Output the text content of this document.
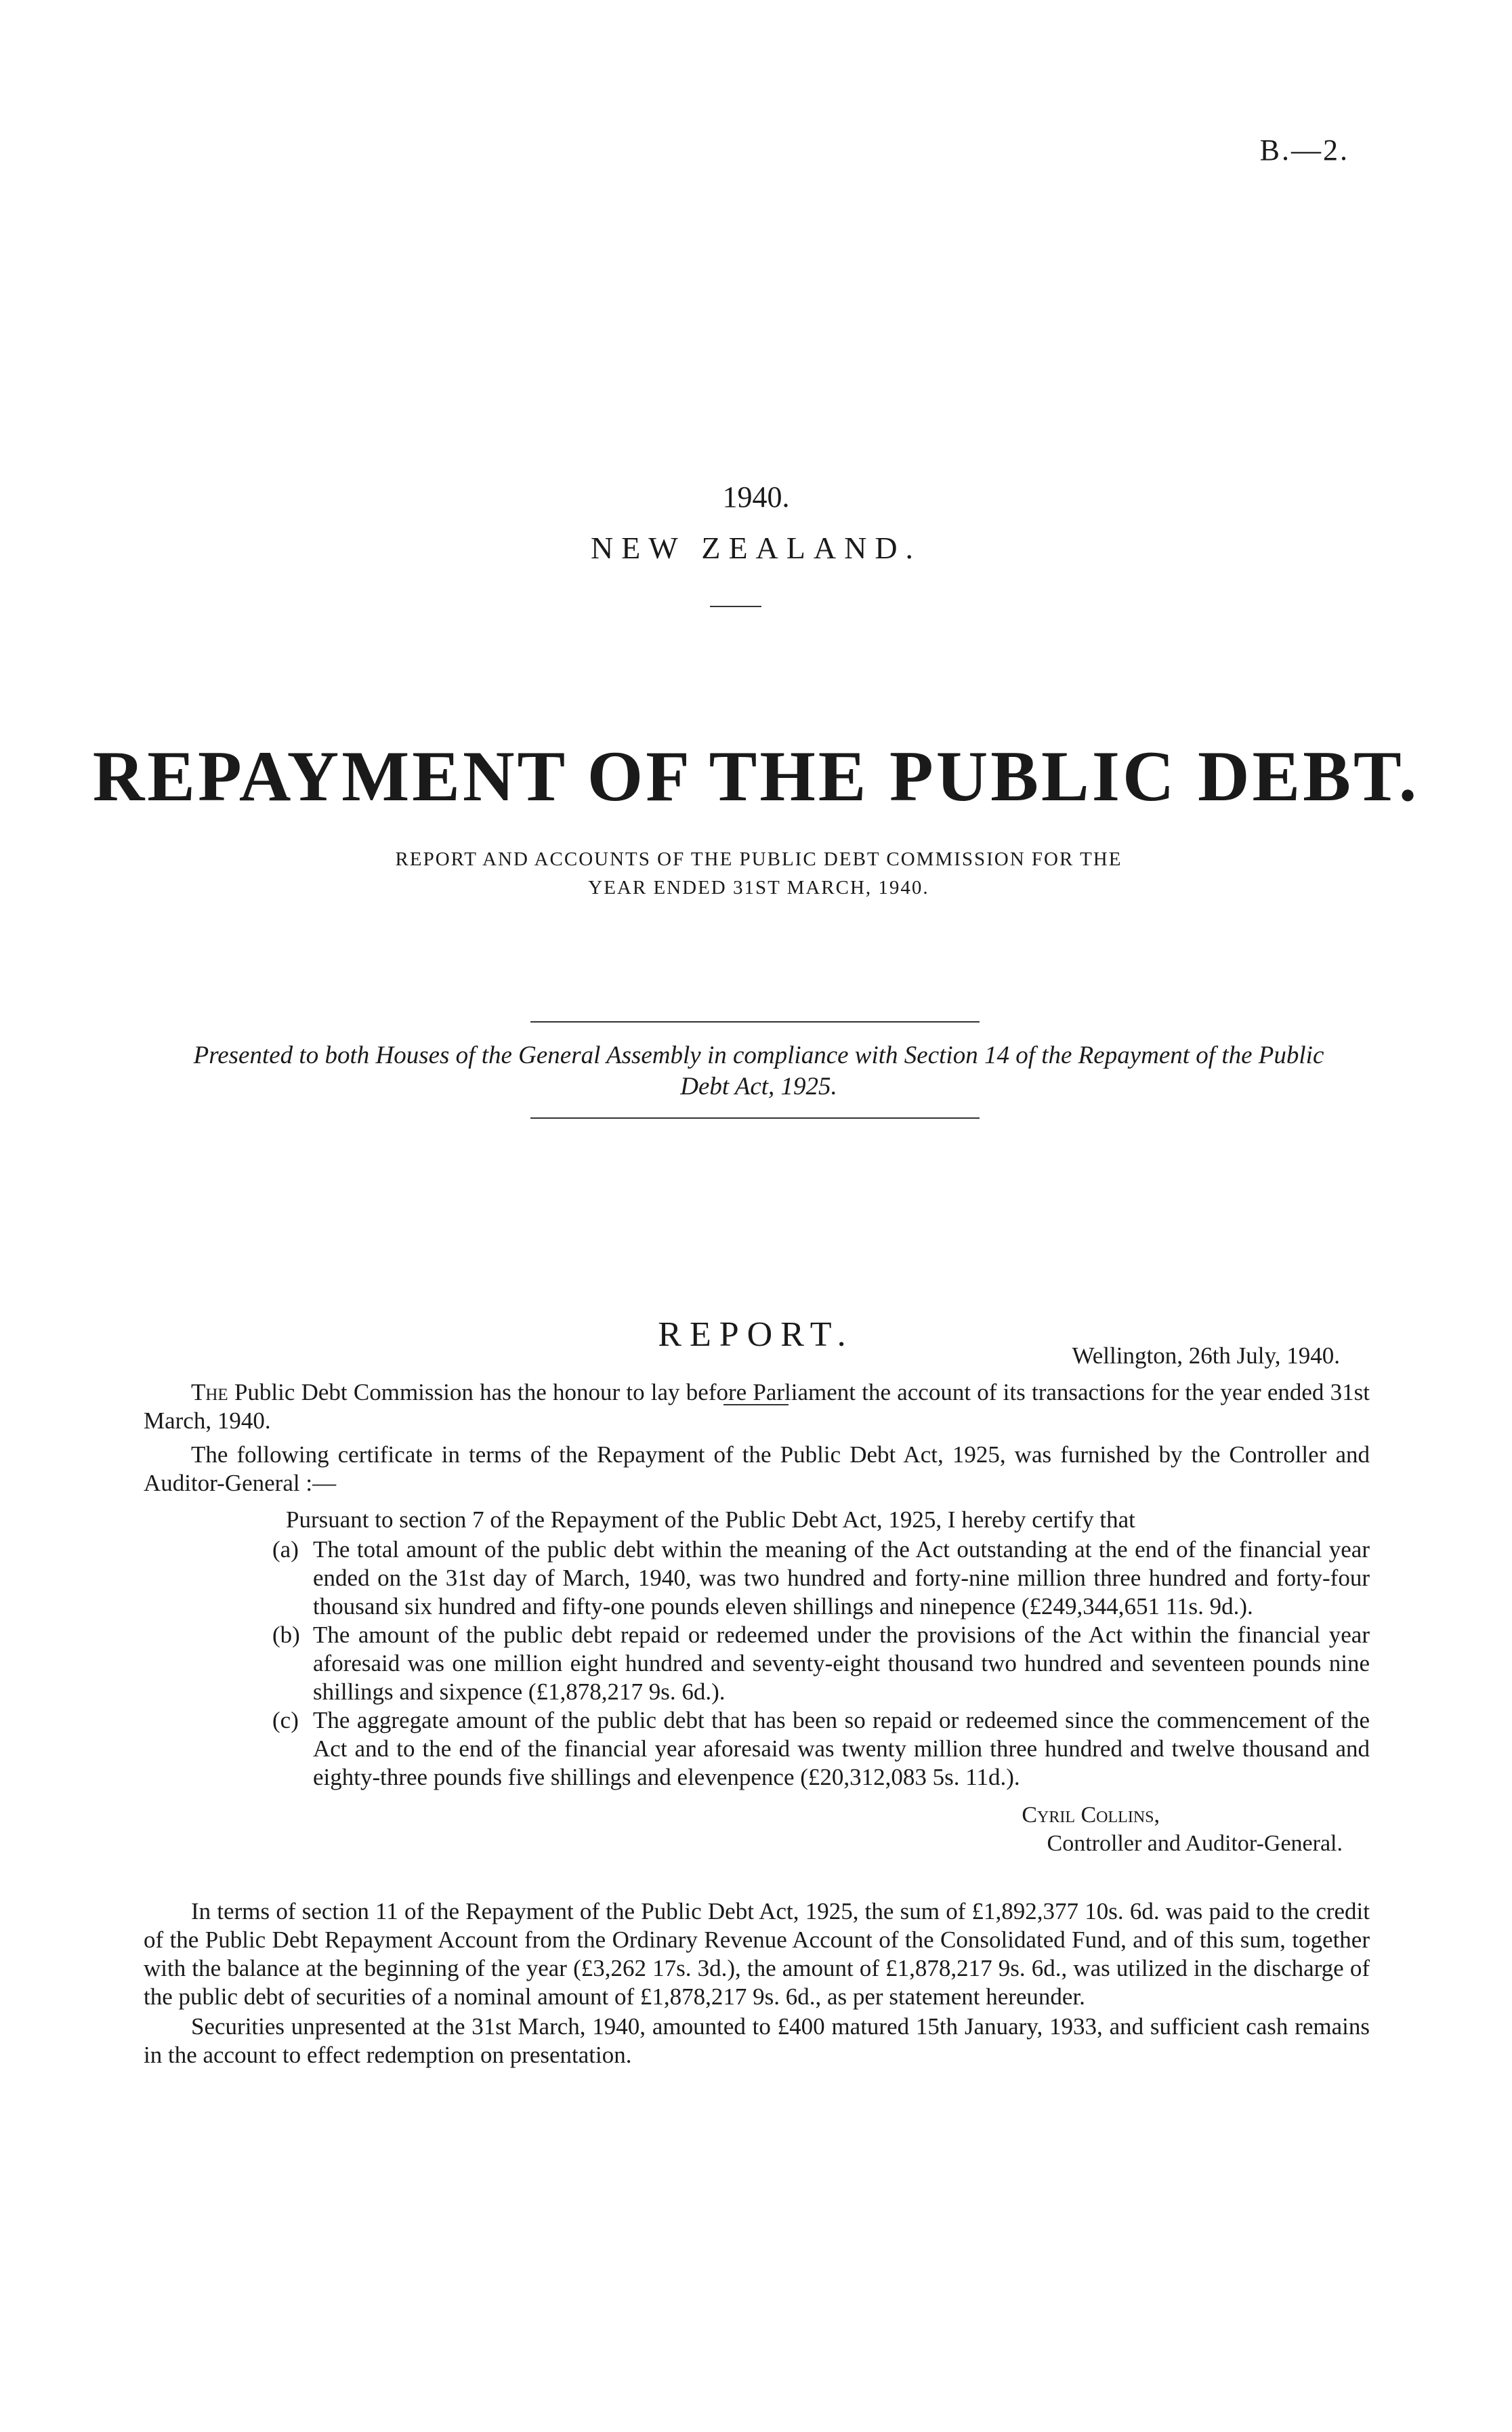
B.—2.
1940.
NEW ZEALAND.
REPAYMENT OF THE PUBLIC DEBT.
REPORT AND ACCOUNTS OF THE PUBLIC DEBT COMMISSION FOR THE YEAR ENDED 31ST MARCH, 1940.
Presented to both Houses of the General Assembly in compliance with Section 14 of the Repayment of the Public Debt Act, 1925.
REPORT.
Wellington, 26th July, 1940.

The Public Debt Commission has the honour to lay before Parliament the account of its transactions for the year ended 31st March, 1940.

The following certificate in terms of the Repayment of the Public Debt Act, 1925, was furnished by the Controller and Auditor-General :—

Pursuant to section 7 of the Repayment of the Public Debt Act, 1925, I hereby certify that

(a) The total amount of the public debt within the meaning of the Act outstanding at the end of the financial year ended on the 31st day of March, 1940, was two hundred and forty-nine million three hundred and forty-four thousand six hundred and fifty-one pounds eleven shillings and ninepence (£249,344,651 11s. 9d.).
(b) The amount of the public debt repaid or redeemed under the provisions of the Act within the financial year aforesaid was one million eight hundred and seventy-eight thousand two hundred and seventeen pounds nine shillings and sixpence (£1,878,217 9s. 6d.).
(c) The aggregate amount of the public debt that has been so repaid or redeemed since the commencement of the Act and to the end of the financial year aforesaid was twenty million three hundred and twelve thousand and eighty-three pounds five shillings and elevenpence (£20,312,083 5s. 11d.).
Cyril Collins,
Controller and Auditor-General.

In terms of section 11 of the Repayment of the Public Debt Act, 1925, the sum of £1,892,377 10s. 6d. was paid to the credit of the Public Debt Repayment Account from the Ordinary Revenue Account of the Consolidated Fund, and of this sum, together with the balance at the beginning of the year (£3,262 17s. 3d.), the amount of £1,878,217 9s. 6d., was utilized in the discharge of the public debt of securities of a nominal amount of £1,878,217 9s. 6d., as per statement hereunder.

Securities unpresented at the 31st March, 1940, amounted to £400 matured 15th January, 1933, and sufficient cash remains in the account to effect redemption on presentation.
